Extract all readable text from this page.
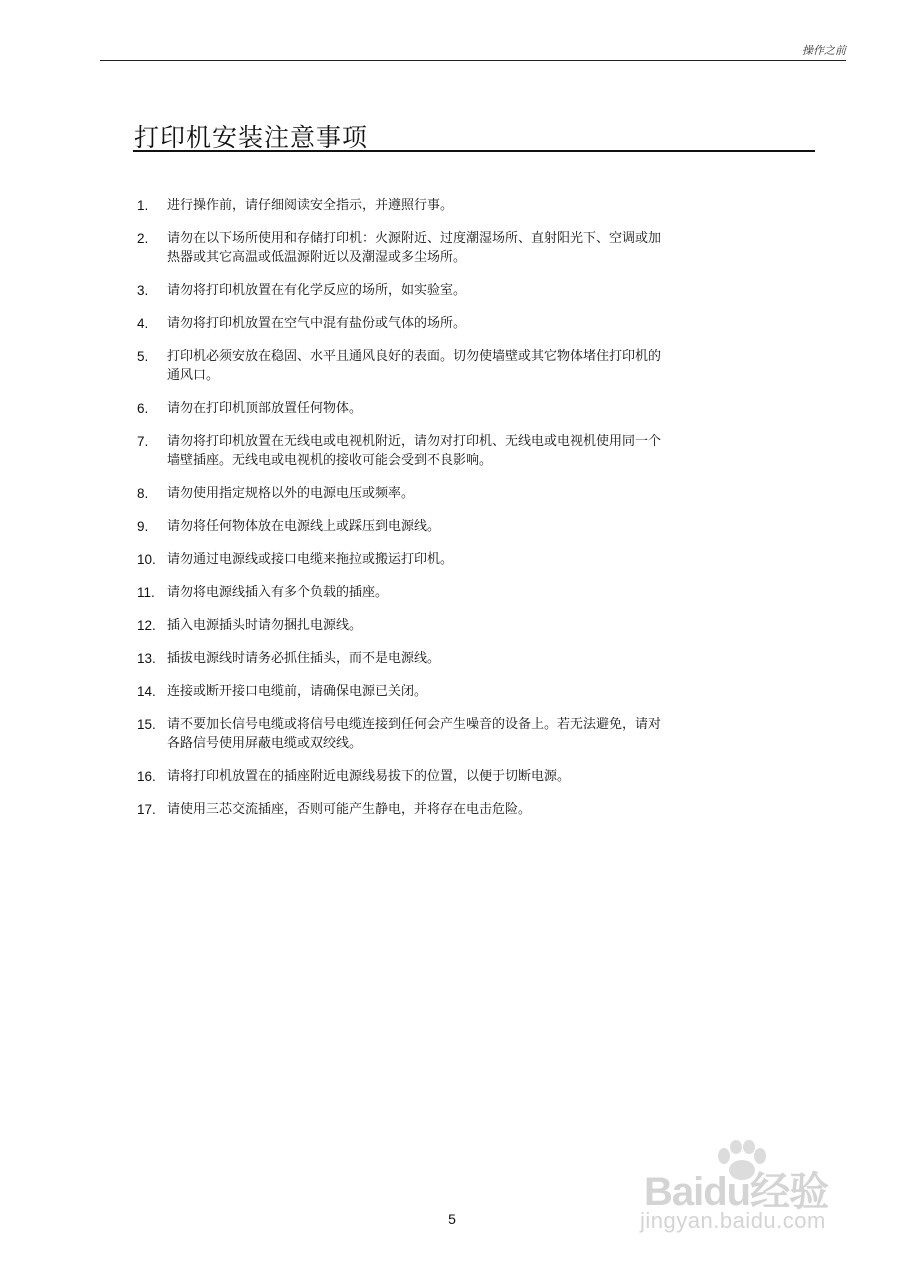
操作之前
打印机安装注意事项
1. 进行操作前，请仔细阅读安全指示，并遵照行事。
2. 请勿在以下场所使用和存储打印机：火源附近、过度潮湿场所、直射阳光下、空调或加
热器或其它高温或低温源附近以及潮湿或多尘场所。
3. 请勿将打印机放置在有化学反应的场所，如实验室。
4. 请勿将打印机放置在空气中混有盐份或气体的场所。
5. 打印机必须安放在稳固、水平且通风良好的表面。切勿使墙壁或其它物体堵住打印机的
通风口。
6. 请勿在打印机顶部放置任何物体。
7. 请勿将打印机放置在无线电或电视机附近，请勿对打印机、无线电或电视机使用同一个
墙壁插座。无线电或电视机的接收可能会受到不良影响。
8. 请勿使用指定规格以外的电源电压或频率。
9. 请勿将任何物体放在电源线上或踩压到电源线。
10. 请勿通过电源线或接口电缆来拖拉或搬运打印机。
11. 请勿将电源线插入有多个负载的插座。
12. 插入电源插头时请勿捆扎电源线。
13. 插拔电源线时请务必抓住插头，而不是电源线。
14. 连接或断开接口电缆前，请确保电源已关闭。
15. 请不要加长信号电缆或将信号电缆连接到任何会产生噪音的设备上。若无法避免，请对
各路信号使用屏蔽电缆或双绞线。
16. 请将打印机放置在的插座附近电源线易拔下的位置，以便于切断电源。
17. 请使用三芯交流插座，否则可能产生静电，并将存在电击危险。
5
Baidu经验
jingyan.baidu.com
